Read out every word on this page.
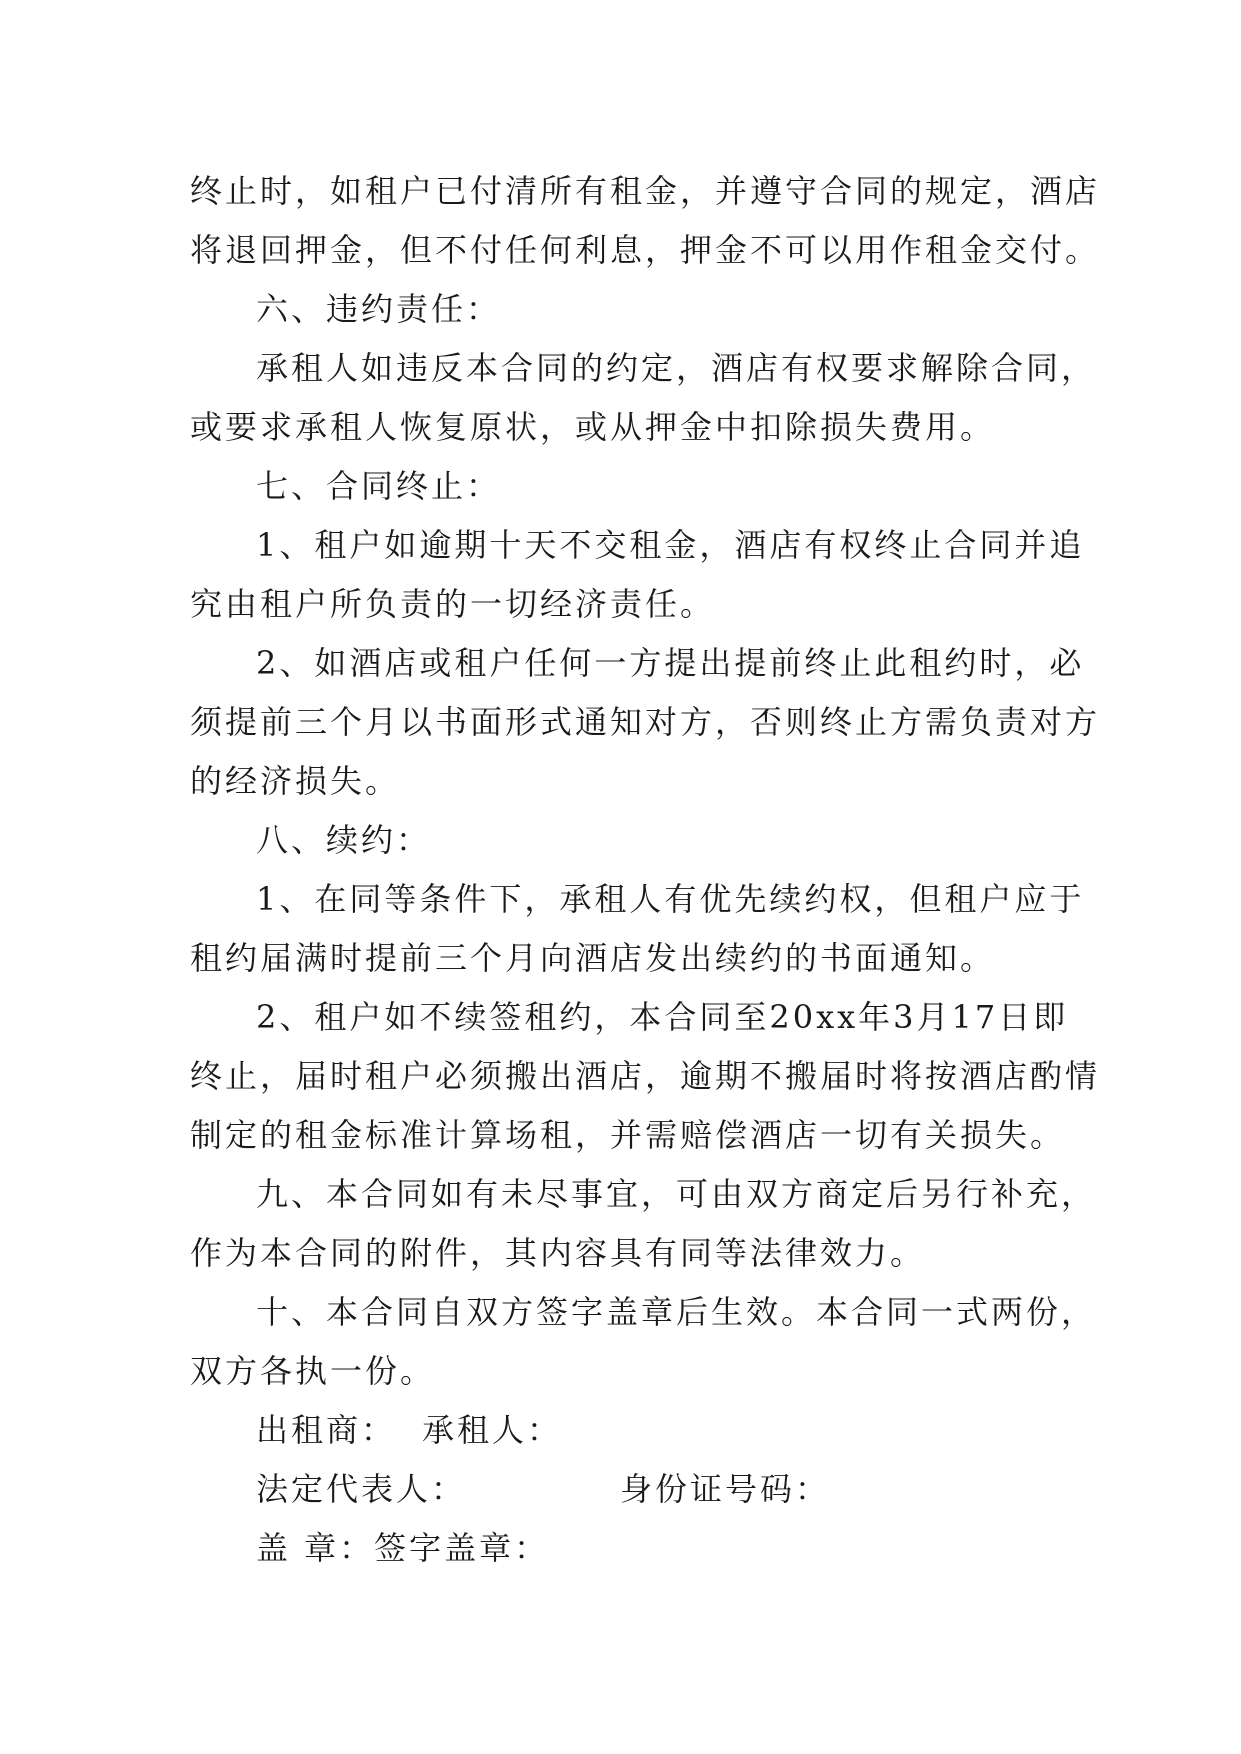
终止时，如租户已付清所有租金，并遵守合同的规定，酒店
将退回押金，但不付任何利息，押金不可以用作租金交付。
六、违约责任：
承租人如违反本合同的约定，酒店有权要求解除合同，
或要求承租人恢复原状，或从押金中扣除损失费用。
七、合同终止：
1、租户如逾期十天不交租金，酒店有权终止合同并追
究由租户所负责的一切经济责任。
2、如酒店或租户任何一方提出提前终止此租约时，必
须提前三个月以书面形式通知对方，否则终止方需负责对方
的经济损失。
八、续约：
1、在同等条件下，承租人有优先续约权，但租户应于
租约届满时提前三个月向酒店发出续约的书面通知。
2、租户如不续签租约，本合同至20xx年3月17日即
终止，届时租户必须搬出酒店，逾期不搬届时将按酒店酌情
制定的租金标准计算场租，并需赔偿酒店一切有关损失。
九、本合同如有未尽事宜，可由双方商定后另行补充，
作为本合同的附件，其内容具有同等法律效力。
十、本合同自双方签字盖章后生效。本合同一式两份，
双方各执一份。
出租商： 承租人：
法定代表人：	身份证号码：
盖 章：签字盖章：
